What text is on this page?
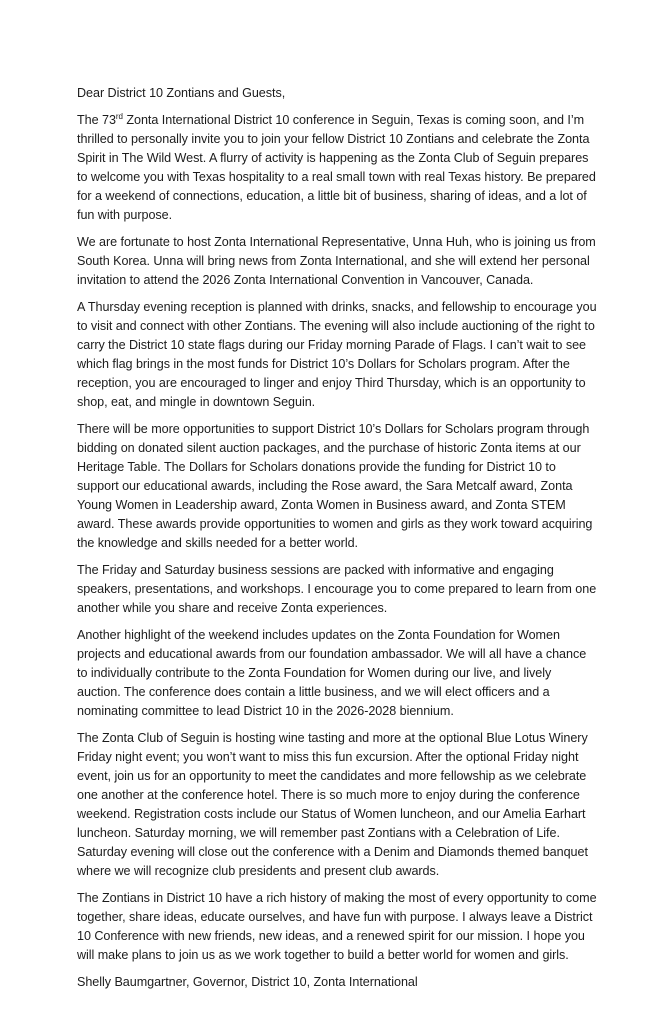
Dear District 10 Zontians and Guests,

The 73rd Zonta International District 10 conference in Seguin, Texas is coming soon, and I’m thrilled to personally invite you to join your fellow District 10 Zontians and celebrate the Zonta Spirit in The Wild West. A flurry of activity is happening as the Zonta Club of Seguin prepares to welcome you with Texas hospitality to a real small town with real Texas history. Be prepared for a weekend of connections, education, a little bit of business, sharing of ideas, and a lot of fun with purpose.

We are fortunate to host Zonta International Representative, Unna Huh, who is joining us from South Korea. Unna will bring news from Zonta International, and she will extend her personal invitation to attend the 2026 Zonta International Convention in Vancouver, Canada.

A Thursday evening reception is planned with drinks, snacks, and fellowship to encourage you to visit and connect with other Zontians. The evening will also include auctioning of the right to carry the District 10 state flags during our Friday morning Parade of Flags. I can’t wait to see which flag brings in the most funds for District 10’s Dollars for Scholars program. After the reception, you are encouraged to linger and enjoy Third Thursday, which is an opportunity to shop, eat, and mingle in downtown Seguin.

There will be more opportunities to support District 10’s Dollars for Scholars program through bidding on donated silent auction packages, and the purchase of historic Zonta items at our Heritage Table. The Dollars for Scholars donations provide the funding for District 10 to support our educational awards, including the Rose award, the Sara Metcalf award, Zonta Young Women in Leadership award, Zonta Women in Business award, and Zonta STEM award. These awards provide opportunities to women and girls as they work toward acquiring the knowledge and skills needed for a better world.

The Friday and Saturday business sessions are packed with informative and engaging speakers, presentations, and workshops. I encourage you to come prepared to learn from one another while you share and receive Zonta experiences.

Another highlight of the weekend includes updates on the Zonta Foundation for Women projects and educational awards from our foundation ambassador. We will all have a chance to individually contribute to the Zonta Foundation for Women during our live, and lively auction. The conference does contain a little business, and we will elect officers and a nominating committee to lead District 10 in the 2026-2028 biennium.

The Zonta Club of Seguin is hosting wine tasting and more at the optional Blue Lotus Winery Friday night event; you won’t want to miss this fun excursion. After the optional Friday night event, join us for an opportunity to meet the candidates and more fellowship as we celebrate one another at the conference hotel. There is so much more to enjoy during the conference weekend. Registration costs include our Status of Women luncheon, and our Amelia Earhart luncheon. Saturday morning, we will remember past Zontians with a Celebration of Life. Saturday evening will close out the conference with a Denim and Diamonds themed banquet where we will recognize club presidents and present club awards.

The Zontians in District 10 have a rich history of making the most of every opportunity to come together, share ideas, educate ourselves, and have fun with purpose. I always leave a District 10 Conference with new friends, new ideas, and a renewed spirit for our mission. I hope you will make plans to join us as we work together to build a better world for women and girls.

Shelly Baumgartner, Governor, District 10, Zonta International
